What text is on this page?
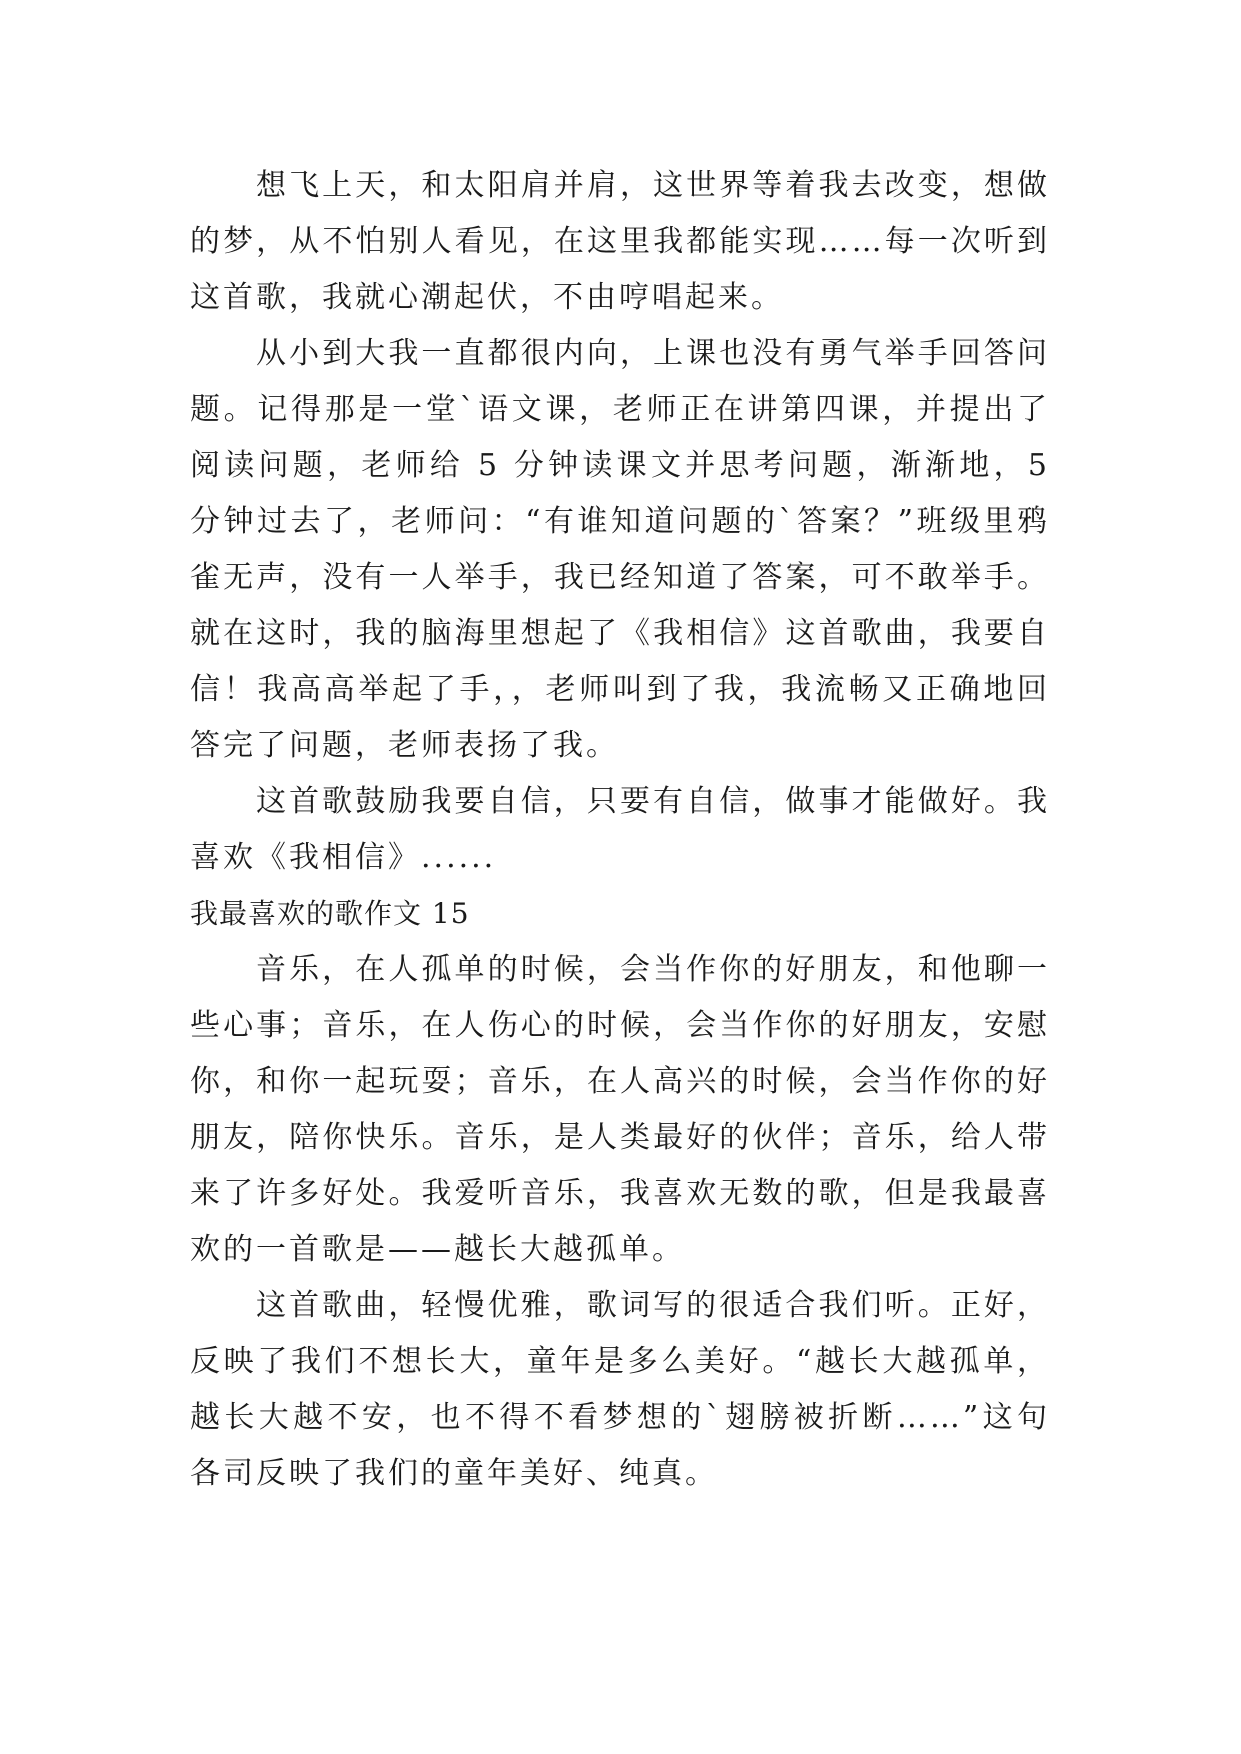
想飞上天，和太阳肩并肩，这世界等着我去改变，想做的梦，从不怕别人看见，在这里我都能实现……每一次听到这首歌，我就心潮起伏，不由哼唱起来。

从小到大我一直都很内向，上课也没有勇气举手回答问题。记得那是一堂`语文课，老师正在讲第四课，并提出了阅读问题，老师给 5 分钟读课文并思考问题，渐渐地，5 分钟过去了，老师问：“有谁知道问题的`答案？”班级里鸦雀无声，没有一人举手，我已经知道了答案，可不敢举手。就在这时，我的脑海里想起了《我相信》这首歌曲，我要自信！我高高举起了手，，老师叫到了我，我流畅又正确地回答完了问题，老师表扬了我。

这首歌鼓励我要自信，只要有自信，做事才能做好。我喜欢《我相信》......

我最喜欢的歌作文 15

音乐，在人孤单的时候，会当作你的好朋友，和他聊一些心事；音乐，在人伤心的时候，会当作你的好朋友，安慰你，和你一起玩耍；音乐，在人高兴的时候，会当作你的好朋友，陪你快乐。音乐，是人类最好的伙伴；音乐，给人带来了许多好处。我爱听音乐，我喜欢无数的歌，但是我最喜欢的一首歌是——越长大越孤单。

这首歌曲，轻慢优雅，歌词写的很适合我们听。正好，反映了我们不想长大，童年是多么美好。“越长大越孤单，越长大越不安，也不得不看梦想的`翅膀被折断……”这句各司反映了我们的童年美好、纯真。
